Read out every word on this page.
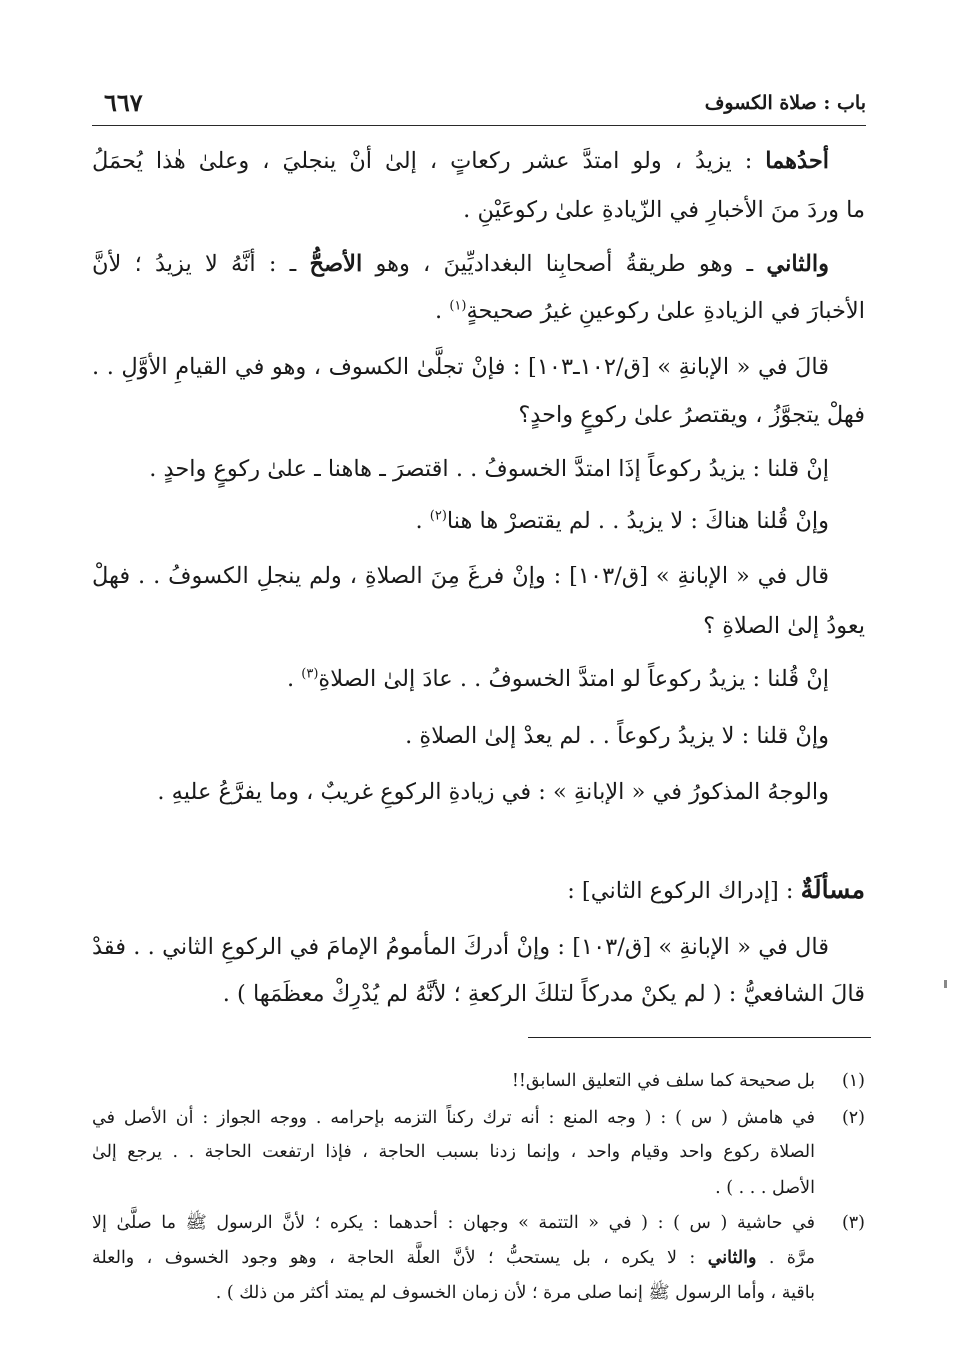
باب : صلاة الكسوف
٦٦٧
أحدُهما : يزيدُ ، ولو امتدَّ عشر ركعاتٍ ، إلىٰ أنْ ينجليَ ، وعلىٰ هٰذا يُحمَلُ
ما وردَ منَ الأخبارِ في الزّيادةِ علىٰ ركوعَيْنِ .
والثاني ـ وهو طريقةُ أصحابِنا البغداديِّينَ ، وهو الأصحُّ ـ : أنَّهُ لا يزيدُ ؛ لأنَّ
الأخبارَ في الزيادةِ علىٰ ركوعينِ غيرُ صحيحةٍ$^{(١)}$ .
قالَ في « الإبانةِ » [ق/١٠٢ـ١٠٣] : فإنْ تجلَّىٰ الكسوف ، وهو في القيامِ الأوَّلِ . .
فهلْ يتجوَّزُ ، ويقتصرُ علىٰ ركوعٍ واحدٍ؟
إنْ قلنا : يزيدُ ركوعاً إذَا امتدَّ الخسوفُ . . اقتصرَ ـ هاهنا ـ علىٰ ركوعٍ واحدٍ .
وإنْ قُلنا هناكَ : لا يزيدُ . . لم يقتصرْ ها هنا$^{(٢)}$ .
قال في « الإبانةِ » [ق/١٠٣] : وإنْ فرغَ مِنَ الصلاةِ ، ولم ينجلِ الكسوفُ . . فهلْ
يعودُ إلىٰ الصلاةِ ؟
إنْ قُلنا : يزيدُ ركوعاً لو امتدَّ الخسوفُ . . عادَ إلىٰ الصلاةِ$^{(٣)}$ .
وإنْ قلنا : لا يزيدُ ركوعاً . . لم يعدْ إلىٰ الصلاةِ .
والوجهُ المذكورُ في « الإبانةِ » : في زيادةِ الركوعِ غريبٌ ، وما يفرَّعُ عليهِ .
مسألَةٌ : [إدراك الركوع الثاني] :
قال في « الإبانةِ » [ق/١٠٣] : وإنْ أدركَ المأمومُ الإمامَ في الركوعِ الثاني . . فقدْ
قالَ الشافعيُّ : ( لم يكنْ مدركاً لتلكَ الركعةِ ؛ لأنَّهُ لم يُدْرِكْ معظَمَها ) .
(١)
بل صحيحة كما سلف في التعليق السابق!!
(٢)
في هامش ( س ) : ( وجه المنع : أنه ترك ركناً التزمه بإحرامه . ووجه الجواز : أن الأصل في
الصلاة ركوع واحد وقيام واحد ، وإنما زدنا بسبب الحاجة ، فإذا ارتفعت الحاجة . . يرجع إلىٰ
الأصل . . . ) .
(٣)
في حاشية ( س ) : ( في « التتمة » وجهان : أحدهما : يكره ؛ لأنَّ الرسول ﷺ ما صلَّىٰ إلا
مرَّة . والثاني : لا يكره ، بل يستحبُّ ؛ لأنَّ العلَّة الحاجة ، وهو وجود الخسوف ، والعلة
باقية ، وأما الرسول ﷺ إنما صلى مرة ؛ لأن زمان الخسوف لم يمتد أكثر من ذلك ) .
